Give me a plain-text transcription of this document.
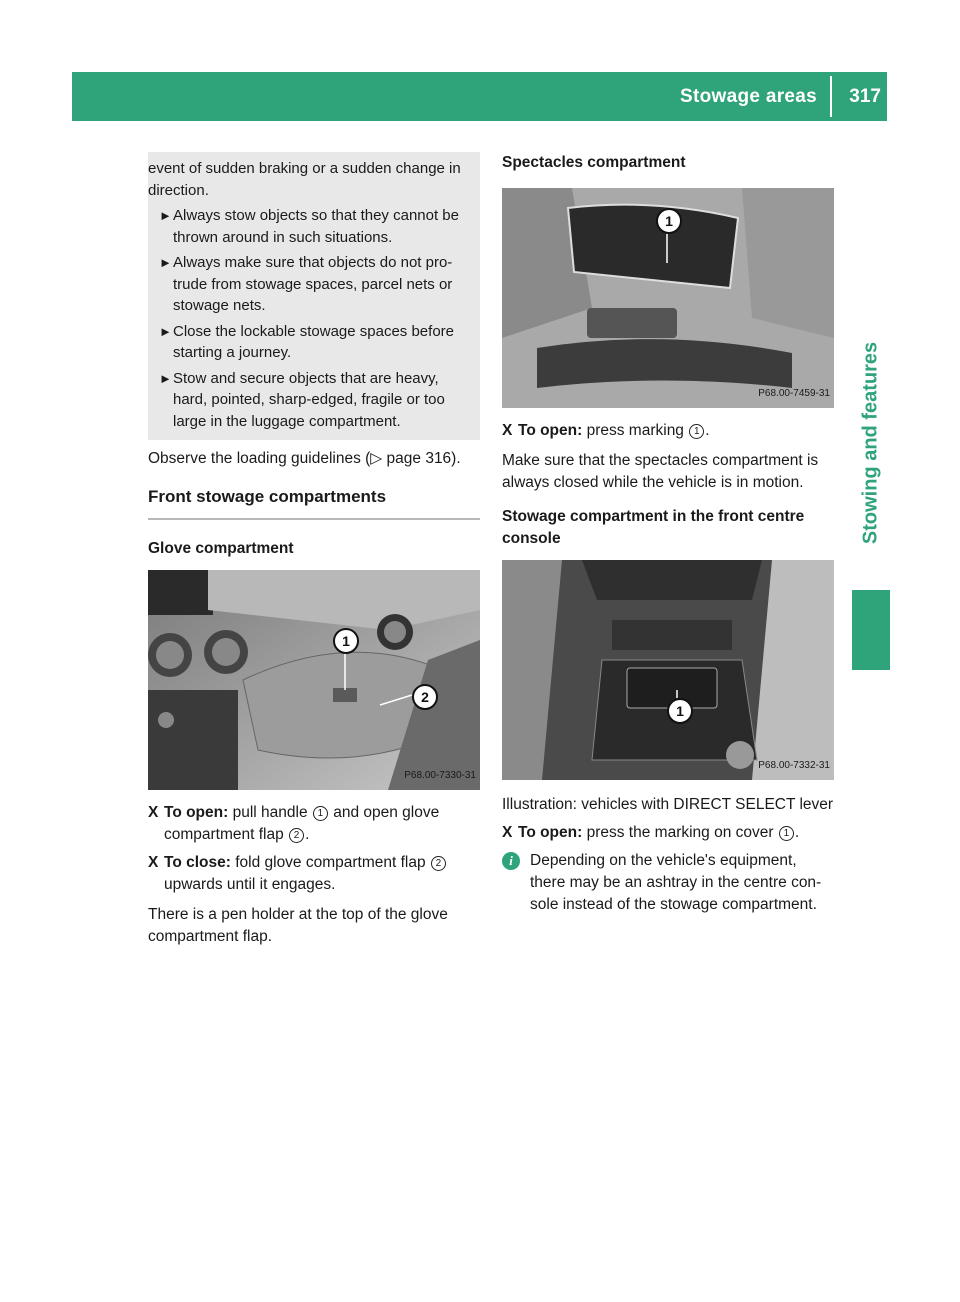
Stowage areas 317
Stowing and features

event of sudden braking or a sudden change in direction.

► Always stow objects so that they cannot be thrown around in such situations.
► Always make sure that objects do not pro- trude from stowage spaces, parcel nets or stowage nets.
► Close the lockable stowage spaces before starting a journey.
► Stow and secure objects that are heavy, hard, pointed, sharp-edged, fragile or too large in the luggage compartment.

Observe the loading guidelines (▷ page 316).

Front stowage compartments
Glove compartment
1
2
P68.00-7330-31
X To open: pull handle 1 and open glove compartment flap 2 .
X To close: fold glove compartment flap 2 upwards until it engages.

There is a pen holder at the top of the glove compartment flap.

Spectacles compartment
1
P68.00-7459-31
X To open: press marking 1 .

Make sure that the spectacles compartment is always closed while the vehicle is in motion.

Stowage compartment in the front centre console
1
P68.00-7332-31

Illustration: vehicles with DIRECT SELECT lever

X To open: press the marking on cover 1 .
i	Depending on the vehicle's equipment, there may be an ashtray in the centre con- sole instead of the stowage compartment.
